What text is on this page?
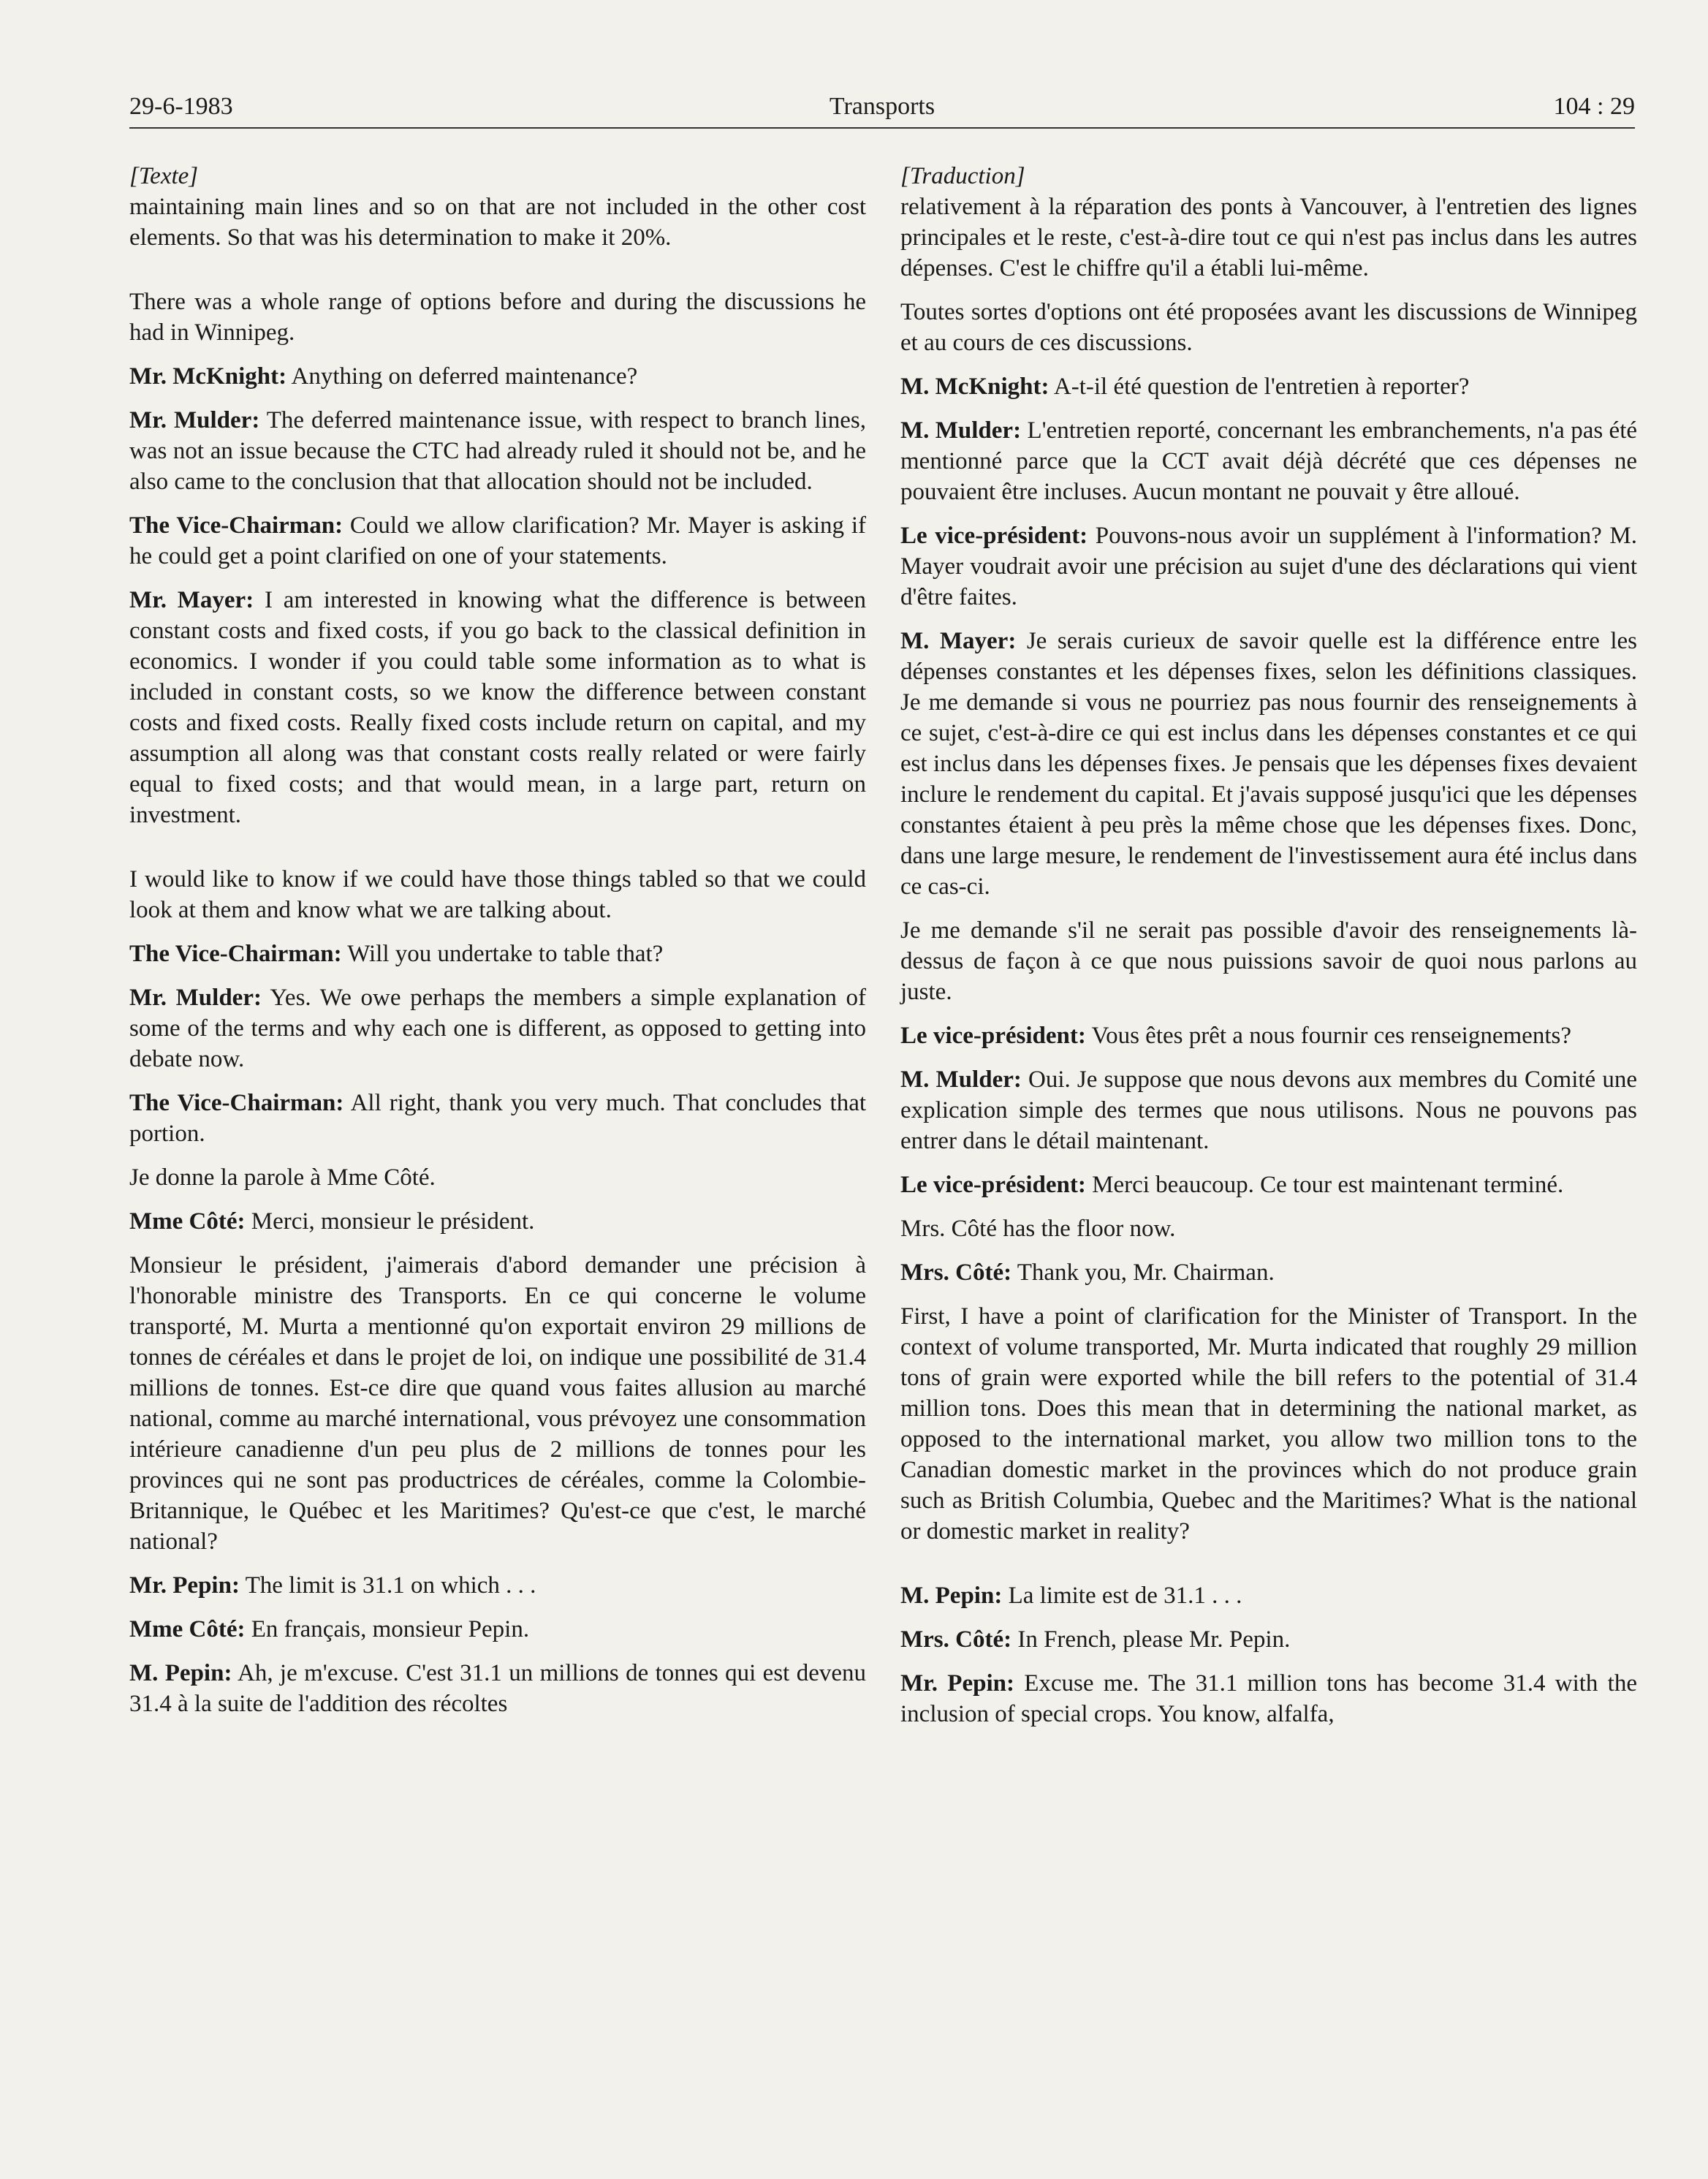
29-6-1983	Transports	104 : 29
[Texte]

maintaining main lines and so on that are not included in the other cost elements. So that was his determination to make it 20%.

There was a whole range of options before and during the discussions he had in Winnipeg.

Mr. McKnight: Anything on deferred maintenance?

Mr. Mulder: The deferred maintenance issue, with respect to branch lines, was not an issue because the CTC had already ruled it should not be, and he also came to the conclusion that that allocation should not be included.

The Vice-Chairman: Could we allow clarification? Mr. Mayer is asking if he could get a point clarified on one of your statements.

Mr. Mayer: I am interested in knowing what the difference is between constant costs and fixed costs, if you go back to the classical definition in economics. I wonder if you could table some information as to what is included in constant costs, so we know the difference between constant costs and fixed costs. Really fixed costs include return on capital, and my assumption all along was that constant costs really related or were fairly equal to fixed costs; and that would mean, in a large part, return on investment.

I would like to know if we could have those things tabled so that we could look at them and know what we are talking about.

The Vice-Chairman: Will you undertake to table that?

Mr. Mulder: Yes. We owe perhaps the members a simple explanation of some of the terms and why each one is different, as opposed to getting into debate now.

The Vice-Chairman: All right, thank you very much. That concludes that portion.

Je donne la parole à Mme Côté.

Mme Côté: Merci, monsieur le président.

Monsieur le président, j'aimerais d'abord demander une précision à l'honorable ministre des Transports. En ce qui concerne le volume transporté, M. Murta a mentionné qu'on exportait environ 29 millions de tonnes de céréales et dans le projet de loi, on indique une possibilité de 31.4 millions de tonnes. Est-ce dire que quand vous faites allusion au marché national, comme au marché international, vous prévoyez une consommation intérieure canadienne d'un peu plus de 2 millions de tonnes pour les provinces qui ne sont pas productrices de céréales, comme la Colombie-Britannique, le Québec et les Maritimes? Qu'est-ce que c'est, le marché national?

Mr. Pepin: The limit is 31.1 on which . . .

Mme Côté: En français, monsieur Pepin.

M. Pepin: Ah, je m'excuse. C'est 31.1 un millions de tonnes qui est devenu 31.4 à la suite de l'addition des récoltes

[Traduction]

relativement à la réparation des ponts à Vancouver, à l'entretien des lignes principales et le reste, c'est-à-dire tout ce qui n'est pas inclus dans les autres dépenses. C'est le chiffre qu'il a établi lui-même.

Toutes sortes d'options ont été proposées avant les discussions de Winnipeg et au cours de ces discussions.

M. McKnight: A-t-il été question de l'entretien à reporter?

M. Mulder: L'entretien reporté, concernant les embranchements, n'a pas été mentionné parce que la CCT avait déjà décrété que ces dépenses ne pouvaient être incluses. Aucun montant ne pouvait y être alloué.

Le vice-président: Pouvons-nous avoir un supplément à l'information? M. Mayer voudrait avoir une précision au sujet d'une des déclarations qui vient d'être faites.

M. Mayer: Je serais curieux de savoir quelle est la différence entre les dépenses constantes et les dépenses fixes, selon les définitions classiques. Je me demande si vous ne pourriez pas nous fournir des renseignements à ce sujet, c'est-à-dire ce qui est inclus dans les dépenses constantes et ce qui est inclus dans les dépenses fixes. Je pensais que les dépenses fixes devaient inclure le rendement du capital. Et j'avais supposé jusqu'ici que les dépenses constantes étaient à peu près la même chose que les dépenses fixes. Donc, dans une large mesure, le rendement de l'investissement aura été inclus dans ce cas-ci.

Je me demande s'il ne serait pas possible d'avoir des renseignements là-dessus de façon à ce que nous puissions savoir de quoi nous parlons au juste.

Le vice-président: Vous êtes prêt a nous fournir ces renseignements?

M. Mulder: Oui. Je suppose que nous devons aux membres du Comité une explication simple des termes que nous utilisons. Nous ne pouvons pas entrer dans le détail maintenant.

Le vice-président: Merci beaucoup. Ce tour est maintenant terminé.

Mrs. Côté has the floor now.

Mrs. Côté: Thank you, Mr. Chairman.

First, I have a point of clarification for the Minister of Transport. In the context of volume transported, Mr. Murta indicated that roughly 29 million tons of grain were exported while the bill refers to the potential of 31.4 million tons. Does this mean that in determining the national market, as opposed to the international market, you allow two million tons to the Canadian domestic market in the provinces which do not produce grain such as British Columbia, Quebec and the Maritimes? What is the national or domestic market in reality?

M. Pepin: La limite est de 31.1 . . .

Mrs. Côté: In French, please Mr. Pepin.

Mr. Pepin: Excuse me. The 31.1 million tons has become 31.4 with the inclusion of special crops. You know, alfalfa,
